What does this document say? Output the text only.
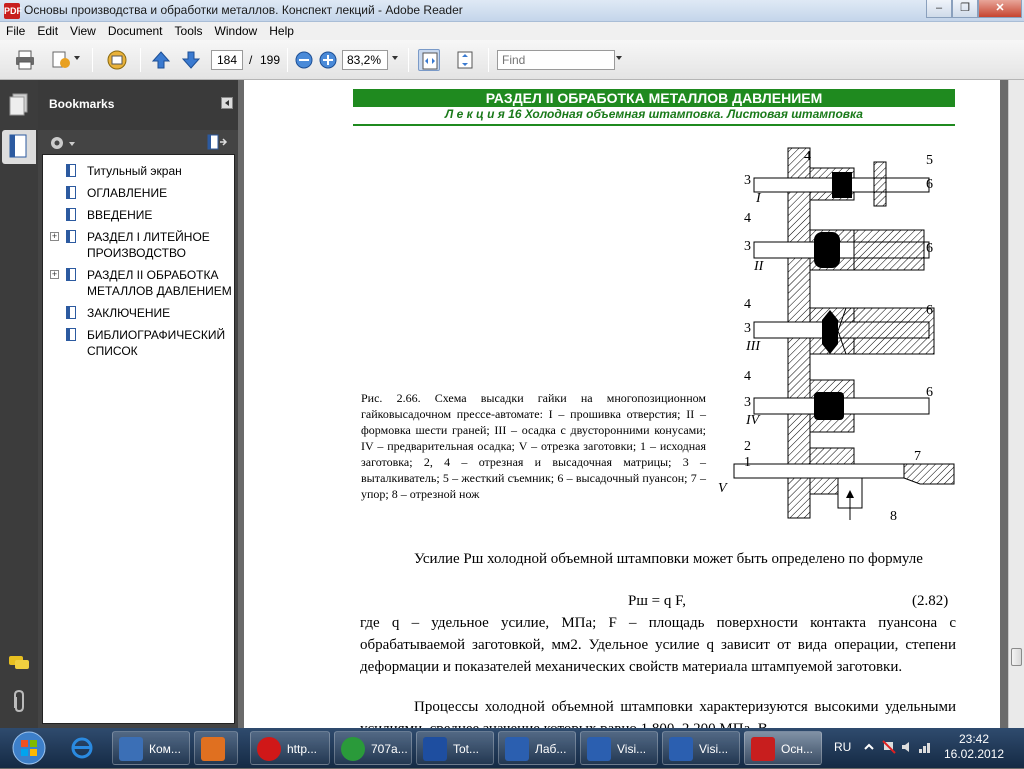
PDF Основы производства и обработки металлов. Конспект лекций - Adobe Reader	–	❐	✕
File	Edit	View	Document	Tools	Window	Help
184
/ 199
83,2%
Find
Bookmarks
Титульный экран
ОГЛАВЛЕНИЕ
ВВЕДЕНИЕ
+ РАЗДЕЛ I ЛИТЕЙНОЕ ПРОИЗВОДСТВО
+ РАЗДЕЛ II ОБРАБОТКА МЕТАЛЛОВ ДАВЛЕНИЕМ
ЗАКЛЮЧЕНИЕ
БИБЛИОГРАФИЧЕСКИЙ СПИСОК
РАЗДЕЛ II ОБРАБОТКА МЕТАЛЛОВ ДАВЛЕНИЕМ
Л е к ц и я 16 Холодная объемная штамповка. Листовая штамповка
4	5
3
I
6
4
3
II
6
4	6
3
III
4
6
3
IV
2
1	7
V
8
Рис. 2.66. Схема высадки гайки на многопозиционном гайковысадочном прессе-автомате: I – прошивка отверстия; II – формовка шести граней; III – осадка с двусторонними конусами; IV – предварительная осадка; V – отрезка заготовки; 1 – исходная заготовка; 2, 4 – отрезная и высадочная матрицы; 3 – выталкиватель; 5 – жесткий съемник; 6 – высадочный пуансон; 7 – упор; 8 – отрезной нож
Усилие Pш холодной объемной штамповки может быть определено по формуле
Pш = q F,	(2.82)
где q – удельное усилие, МПа; F – площадь поверхности контакта пуансона с обрабатываемой заготовкой, мм2. Удельное усилие q зависит от вида операции, степени деформации и показателей механических свойств материала штампуемой заготовки.
Процессы холодной объемной штамповки характеризуются высокими удельными
Ком...	http...	707a...	Tot...	Лаб...	Visi...	Visi...	Осн...	RU
23:42
16.02.2012
